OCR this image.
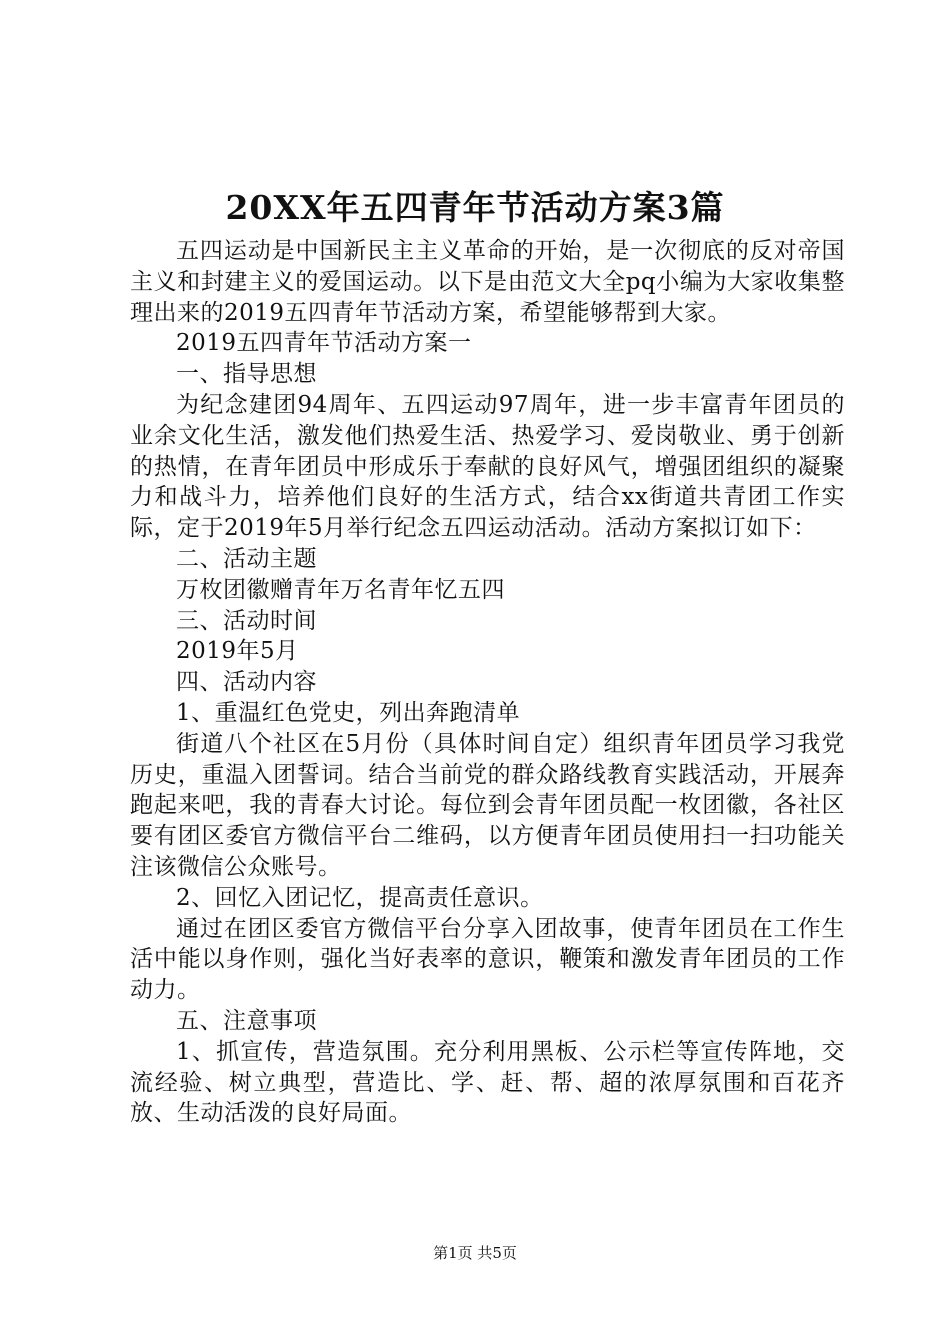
20XX年五四青年节活动方案3篇

五四运动是中国新民主主义革命的开始，是一次彻底的反对帝国主义和封建主义的爱国运动。以下是由范文大全pq小编为大家收集整理出来的2019五四青年节活动方案，希望能够帮到大家。

2019五四青年节活动方案一

一、指导思想

为纪念建团94周年、五四运动97周年，进一步丰富青年团员的业余文化生活，激发他们热爱生活、热爱学习、爱岗敬业、勇于创新的热情，在青年团员中形成乐于奉献的良好风气，增强团组织的凝聚力和战斗力，培养他们良好的生活方式，结合xx街道共青团工作实际，定于2019年5月举行纪念五四运动活动。活动方案拟订如下：

二、活动主题

万枚团徽赠青年万名青年忆五四

三、活动时间

2019年5月

四、活动内容

1、重温红色党史，列出奔跑清单

街道八个社区在5月份（具体时间自定）组织青年团员学习我党历史，重温入团誓词。结合当前党的群众路线教育实践活动，开展奔跑起来吧，我的青春大讨论。每位到会青年团员配一枚团徽，各社区要有团区委官方微信平台二维码，以方便青年团员使用扫一扫功能关注该微信公众账号。

2、回忆入团记忆，提高责任意识。

通过在团区委官方微信平台分享入团故事，使青年团员在工作生活中能以身作则，强化当好表率的意识，鞭策和激发青年团员的工作动力。

五、注意事项

1、抓宣传，营造氛围。充分利用黑板、公示栏等宣传阵地，交流经验、树立典型，营造比、学、赶、帮、超的浓厚氛围和百花齐放、生动活泼的良好局面。

第1页 共5页
